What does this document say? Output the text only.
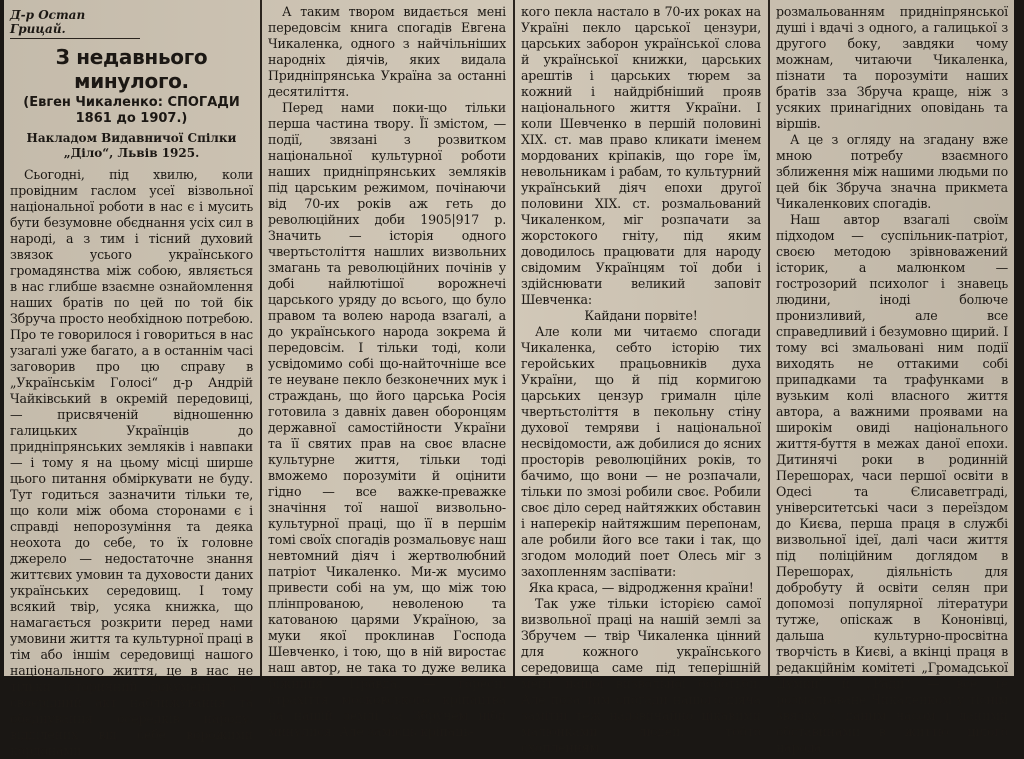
Д-р Остап Грицай.
З недавнього минулого.
(Евген Чикаленко: СПОГАДИ 1861 до 1907.)
Накладом Видавничої Спілки „Діло“, Львів 1925.

Сьогодні, під хвилю, коли провідним гаслом усеї візвольної національної роботи в нас є і мусить бути безумовне обєднання усіх сил в народі, а з тим і тісний духовий звязок усього українського громадянства між собою, являється в нас глибше взаємне ознайомлення наших братів по цей по той бік Збруча просто необхідною потребою. Про те говорилося і говориться в нас узагалі уже багато, а в останнім часі заговорив про цю справу в „Українськім Голосі“ д-р Андрій Чайківський в окремій передовиці, — присвяченій відношенню галицьких Українців до придніпрянських земляків і навпаки — і тому я на цьому місці ширше цього питання обміркувати не буду. Тут годиться зазначити тільки те, що коли між обома сторонами є і справді непорозуміння та деяка неохота до себе, то їх головне джерело — недостаточне знання життєвих умовин та духовости даних українських середовищ. І тому всякий твір, усяка книжка, що намагається розкрити перед нами умовини життя та культурної праці в тім або іншім середовищі нашого національного життя, це в нас не тільки історичний документ, а і своєрідний акт наближування та обєднування осередків народу, відділених від себе ворожими кордонами

А таким твором видається мені передовсім книга спогадів Евгена Чикаленка, одного з найчільніших народніх діячів, яких видала Придніпрянська Україна за останні десятиліття.

Перед нами поки-що тільки перша частина твору. Її змістом, — події, звязані з розвитком національної культурної роботи наших придніпрянських земляків під царським режимом, почінаючи від 70-их років аж геть до революційних доби 1905|917 р. Значить — історія одного чвертьстоліття нашлих визвольних змагань та революційних почінів у добі найлютішої ворожнечі царського уряду до всього, що було правом та волею народа взагалі, а до українського народа зокрема й передовсім. І тільки тоді, коли усвідомимо собі що-найточніше все те неуване пекло безконечних мук і страждань, що його царська Росія готовила з давніх давен оборонцям державної самостійности України та її святих прав на своє власне культурне життя, тільки тоді вможемо порозуміти й оцінити гідно — все важке-преважке значіння тої нашої визвольно-культурної праці, що її в першім томі своїх спогадів розмальовує наш невтомний діяч і жертволюбний патріот Чикаленко. Ми-ж мусимо привести собі на ум, що між тою плінпрованою, неволеною та катованою царями Україною, за муки якої проклинав Господа Шевченко, і тою, що в ній виростає наш автор, не така то дуже велика ріжниця. Правда, — горесні страхіття московського кріпацтва на нашій землі за Збручем ніби минулися. Але замісць кріпаць-

кого пекла настало в 70-их роках на Україні пекло царської цензури, царських заборон української слова й української книжки, царських арештів і царських тюрем за кожний і найдрібніший прояв національного життя України. І коли Шевченко в першій половині XIX. ст. мав право кликати іменем мордованих кріпаків, що горе їм, невольникам і рабам, то культурний український діяч епохи другої половини XIX. ст. розмальований Чикаленком, міг розпачати за жорстокого гніту, під яким доводилось працювати для народу свідомим Українцям тої доби і здійснювати великий заповіт Шевченка:

Кайдани порвіте!

Але коли ми читаємо спогади Чикаленка, себто історію тих геройських працьовників духа України, що й під кормигою царських цензур грималн ціле чвертьстоліття в пекольну стіну духової темряви і національної несвідомости, аж добилися до ясних просторів революційних років, то бачимо, що вони — не розпачали, тільки по змозі робили своє. Робили своє діло серед найтяжких обставин і наперекір найтяжшим перепонам, але робили його все таки і так, що згодом молодий поет Олесь міг з захопленням заспівати:

Яка краса, — відродження країни!

Так уже тільки історією самої визвольної праці на нашій землі за Збручем — твір Чикаленка цінний для кожного українського середовища саме під теперішній мент нашої визвольної боротьби. Але поза тим спогади нашого діяча замітні теж надзвичайно цікавими малюнками людей, тобто схопленням

розмальованням придніпрянської душі і вдачі з одного, а галицької з другого боку, завдяки чому можнам, читаючи Чикаленка, пізнати та порозуміти наших братів зза Збруча краще, ніж з усяких принагідних оповідань та віршів.

А це з огляду на згадану вже мною потребу взаємного зближення між нашими людьми по цей бік Збруча значна прикмета Чикаленкових спогадів.

Наш автор взагалі своїм підходом — суспільник-патріот, своєю методою зрівноважений історик, а малюнком — гострозорий психолог і знавець людини, іноді болюче пронизливий, але все справедливий і безумовно щирий. І тому всі змальовані ним події виходять не оттакими собі припадками та трафунками в вузьким колі власного життя автора, а важними проявами на широкім овиді національного життя-буття в межах даної епохи. Дитинячі роки в родинній Перешорах, часи першої освіти в Одесі та Єлисаветграді, університетські часи з переїздом до Києва, перша праця в службі визвольної ідеї, далі часи життя під поліційним доглядом в Перешорах, діяльність для добробуту й освіти селян при допомозі популярної літератури тутже, опіскаж в Кононівці, дальша культурно-просвітна творчість в Києві, а вкінці праця в редакційнім комітеті „Громадської Думки“ й „Ради“ — все те розмальоване Чикаленком у тіснім звязку з даним часом і даними обставинами в життю цілого народа.
